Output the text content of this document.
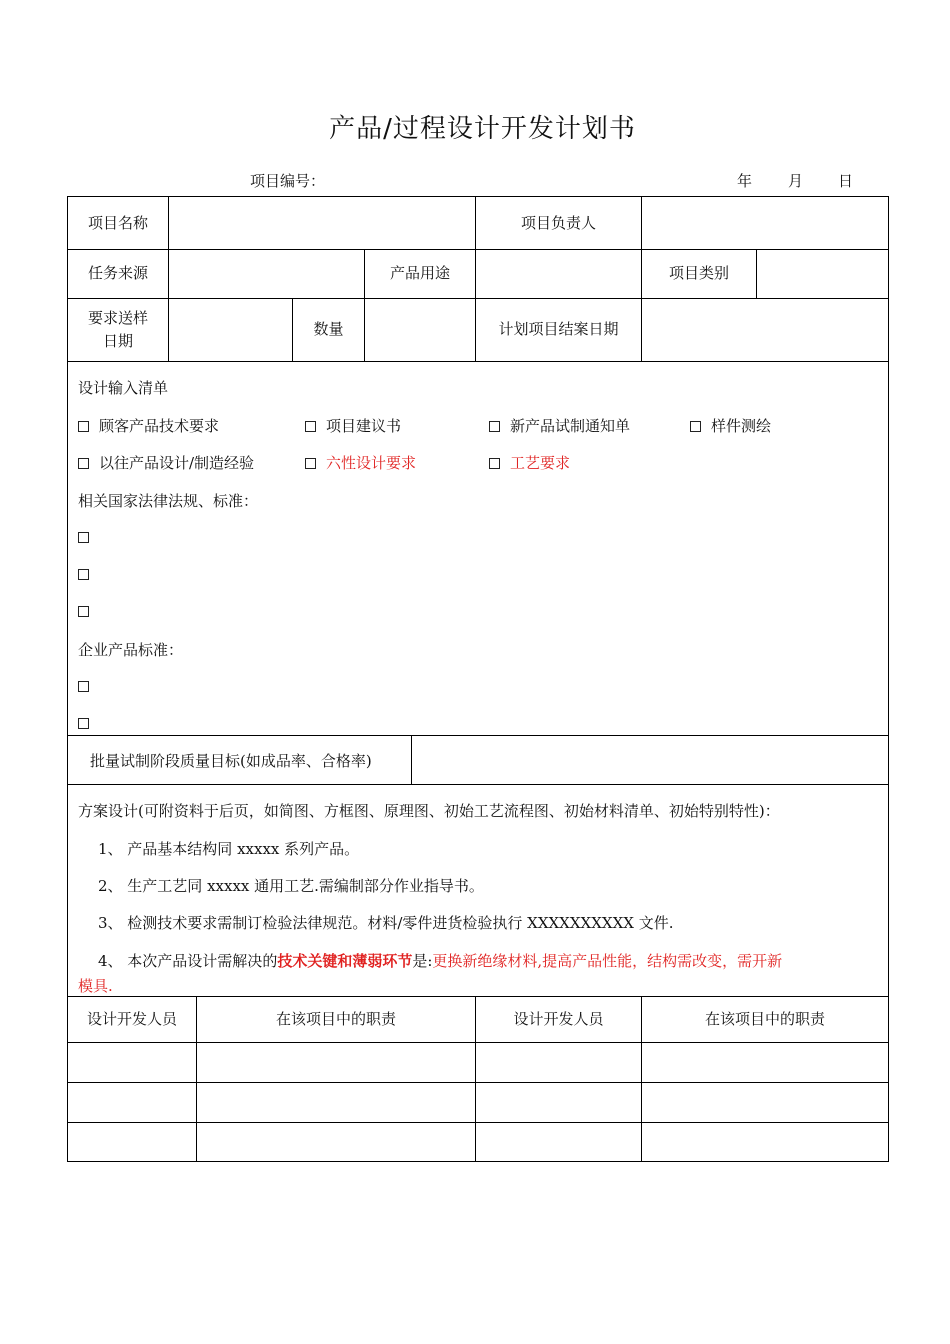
产品/过程设计开发计划书
项目编号：	年 月 日
项目名称	项目负责人
任务来源	产品用途	项目类别
要求送样
日期
数量	计划项目结案日期
设计输入清单
顾客产品技术要求	项目建议书	新产品试制通知单	样件测绘
以往产品设计/制造经验	六性设计要求	工艺要求
相关国家法律法规、标准：
企业产品标准：
批量试制阶段质量目标(如成品率、合格率)
方案设计(可附资料于后页，如简图、方框图、原理图、初始工艺流程图、初始材料清单、初始特别特性)：
1、 产品基本结构同 xxxxx 系列产品。
2、 生产工艺同 xxxxx 通用工艺.需编制部分作业指导书。
3、 检测技术要求需制订检验法律规范。材料/零件进货检验执行 XXXXXXXXXX 文件.
4、 本次产品设计需解决的技术关键和薄弱环节是:更换新绝缘材料,提高产品性能，结构需改变，需开新
模具.
设计开发人员	在该项目中的职责	设计开发人员	在该项目中的职责
